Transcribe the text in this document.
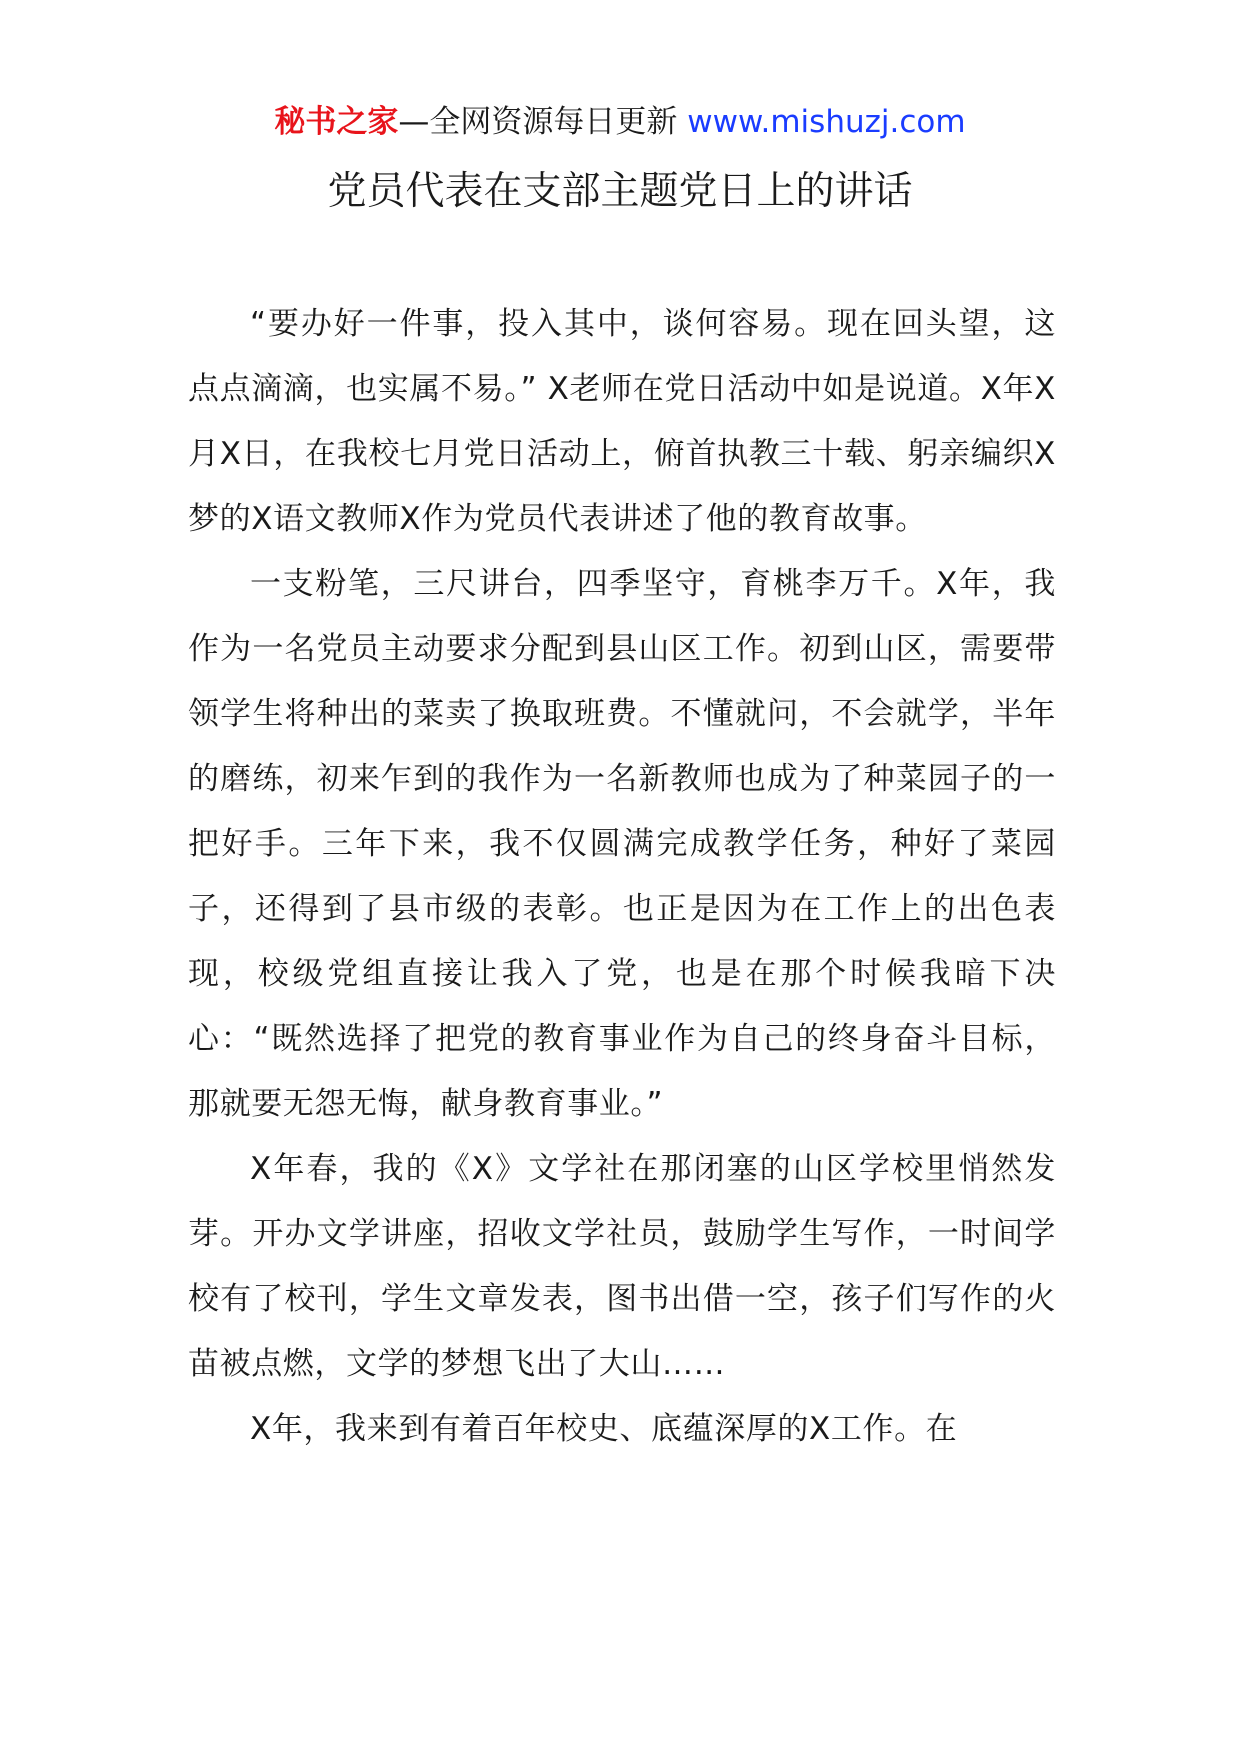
秘书之家—全网资源每日更新 www.mishuzj.com
党员代表在支部主题党日上的讲话

“要办好一件事，投入其中，谈何容易。现在回头望，这点点滴滴，也实属不易。” X老师在党日活动中如是说道。X年X月X日，在我校七月党日活动上，俯首执教三十载、躬亲编织X梦的X语文教师X作为党员代表讲述了他的教育故事。

一支粉笔，三尺讲台，四季坚守，育桃李万千。X年，我作为一名党员主动要求分配到县山区工作。初到山区，需要带领学生将种出的菜卖了换取班费。不懂就问，不会就学，半年的磨练，初来乍到的我作为一名新教师也成为了种菜园子的一把好手。三年下来，我不仅圆满完成教学任务，种好了菜园子，还得到了县市级的表彰。也正是因为在工作上的出色表现，校级党组直接让我入了党，也是在那个时候我暗下决心：“既然选择了把党的教育事业作为自己的终身奋斗目标，那就要无怨无悔，献身教育事业。”

X年春，我的《X》文学社在那闭塞的山区学校里悄然发芽。开办文学讲座，招收文学社员，鼓励学生写作，一时间学校有了校刊，学生文章发表，图书出借一空，孩子们写作的火苗被点燃，文学的梦想飞出了大山……

X年，我来到有着百年校史、底蕴深厚的X工作。在
